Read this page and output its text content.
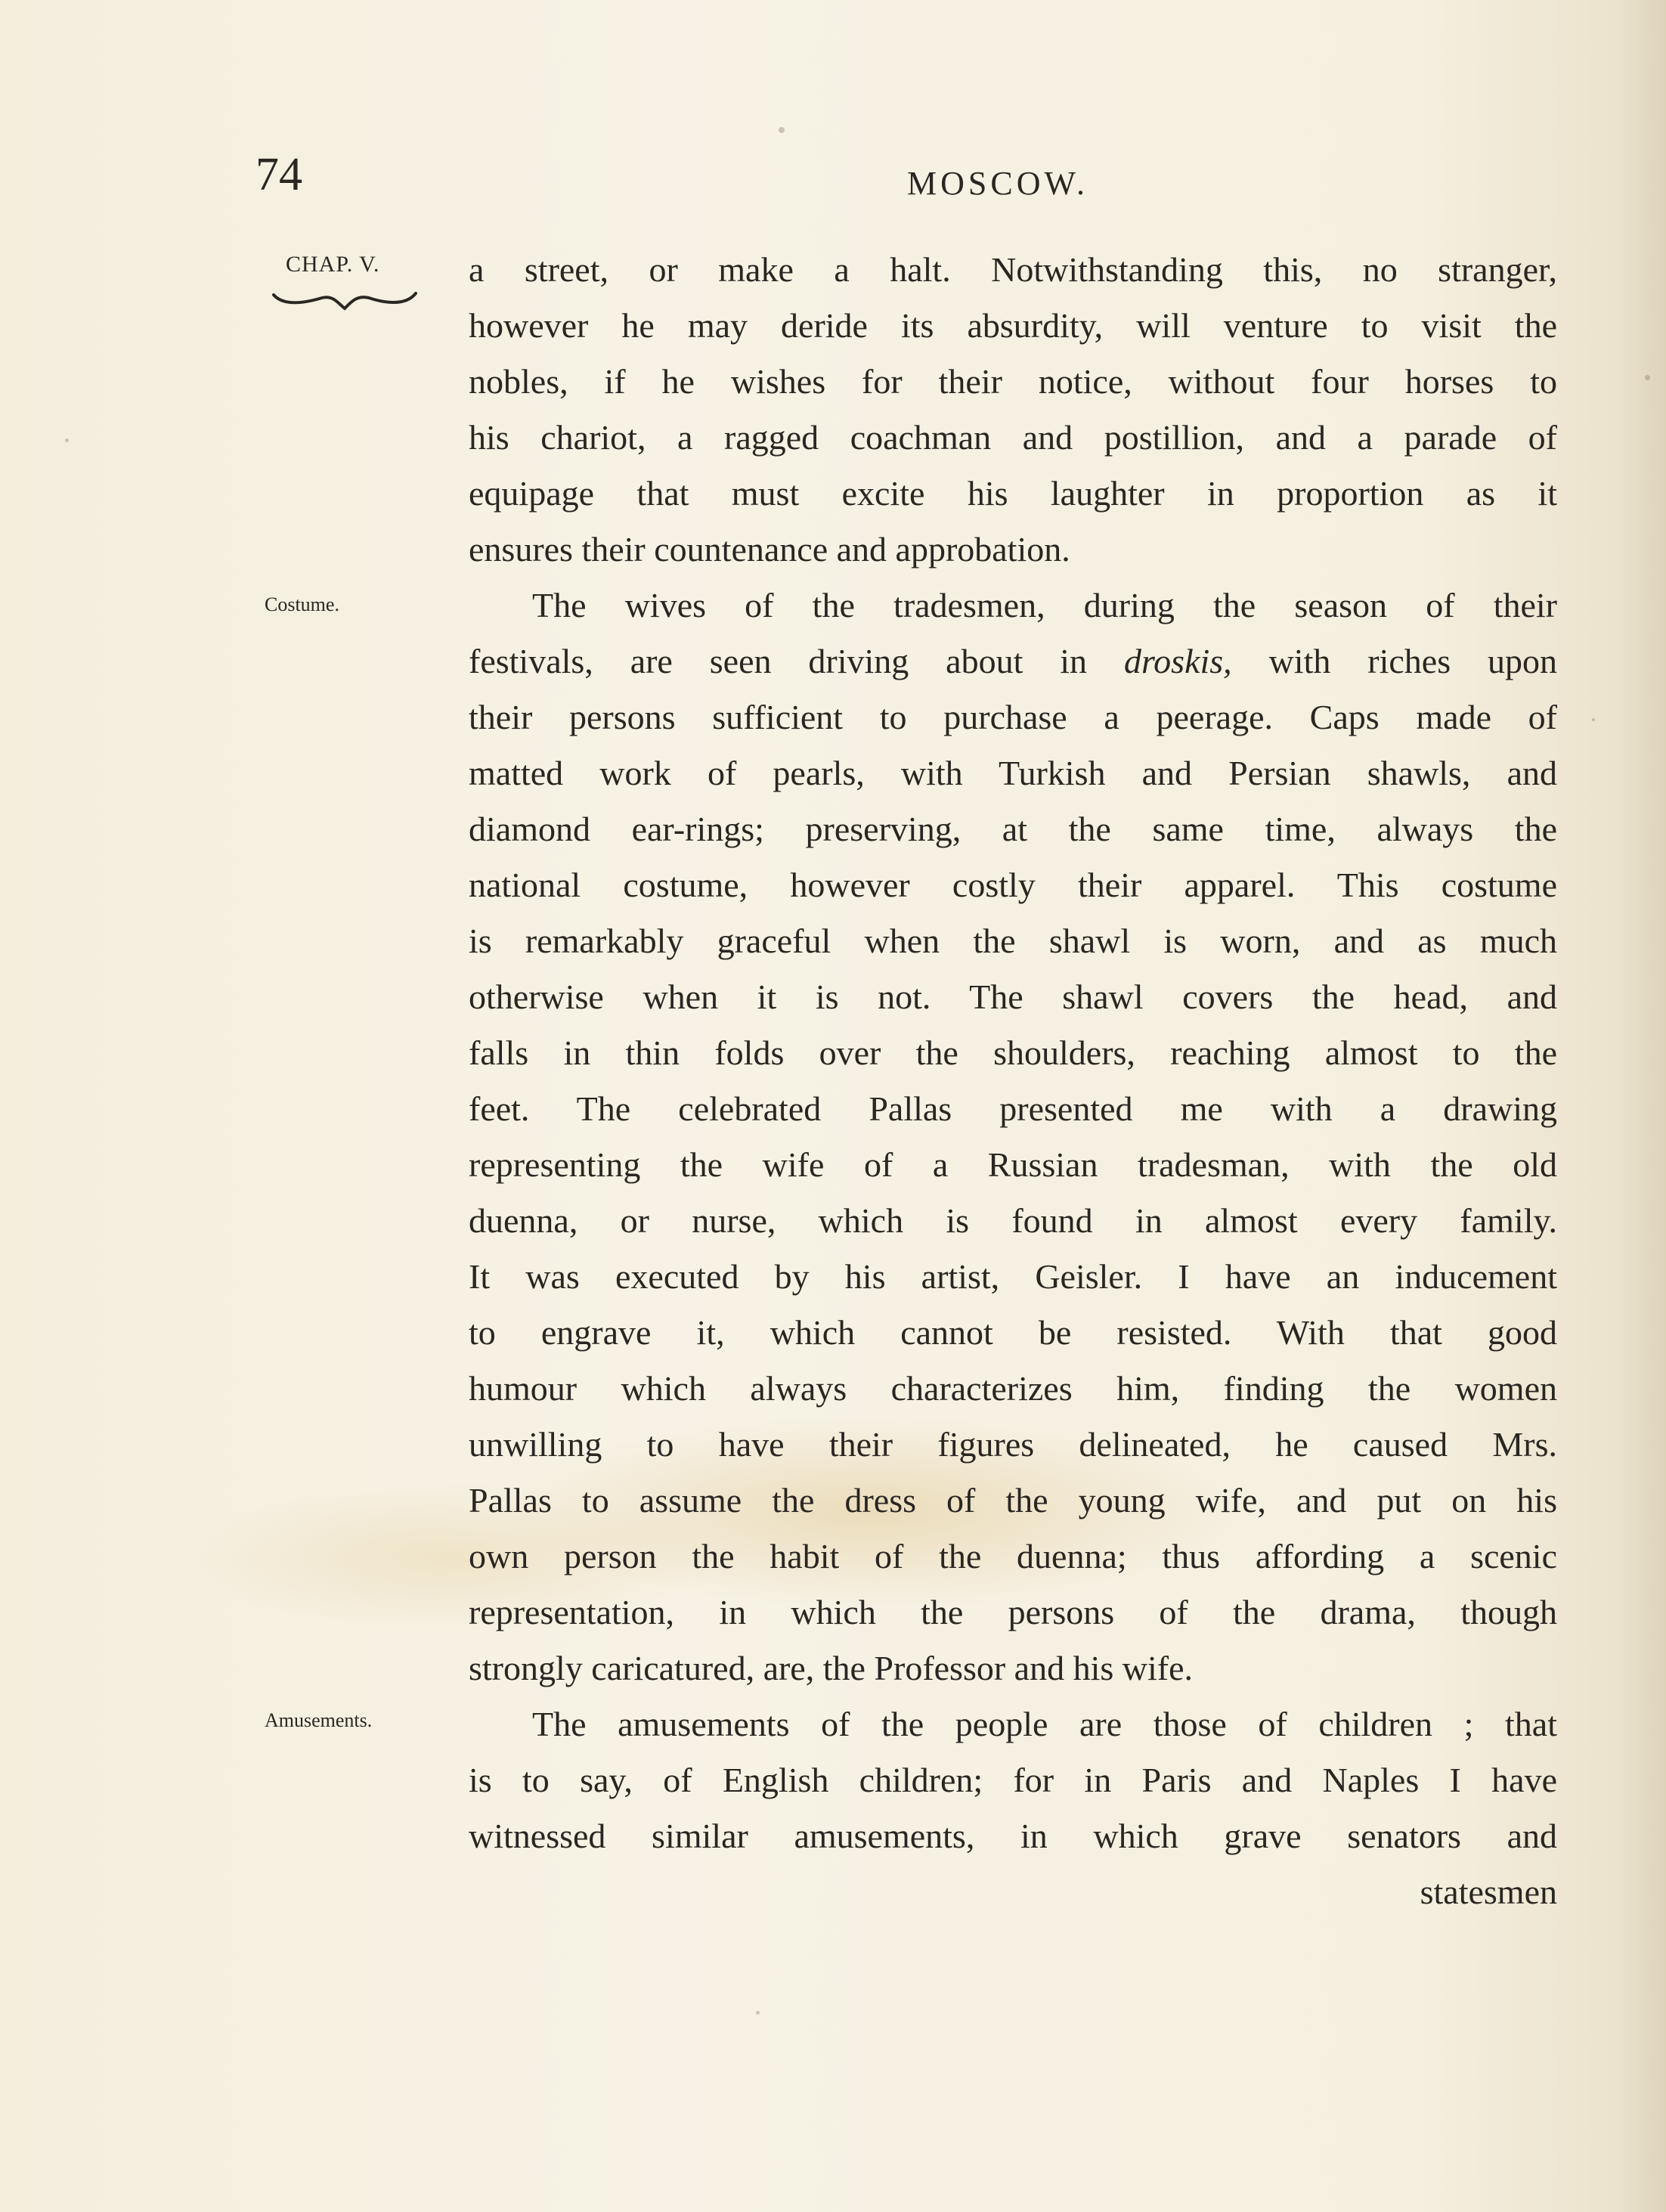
74	MOSCOW.
CHAP. V.
Costume.
Amusements.
a street, or make a halt. Notwithstanding this, no stranger,
however he may deride its absurdity, will venture to visit the
nobles, if he wishes for their notice, without four horses to
his chariot, a ragged coachman and postillion, and a parade of
equipage that must excite his laughter in proportion as it
ensures their countenance and approbation.
The wives of the tradesmen, during the season of their
festivals, are seen driving about in droskis, with riches upon
their persons sufficient to purchase a peerage. Caps made of
matted work of pearls, with Turkish and Persian shawls, and
diamond ear-rings; preserving, at the same time, always the
national costume, however costly their apparel. This costume
is remarkably graceful when the shawl is worn, and as much
otherwise when it is not. The shawl covers the head, and
falls in thin folds over the shoulders, reaching almost to the
feet. The celebrated Pallas presented me with a drawing
representing the wife of a Russian tradesman, with the old
duenna, or nurse, which is found in almost every family.
It was executed by his artist, Geisler. I have an inducement
to engrave it, which cannot be resisted. With that good
humour which always characterizes him, finding the women
unwilling to have their figures delineated, he caused Mrs.
Pallas to assume the dress of the young wife, and put on his
own person the habit of the duenna; thus affording a scenic
representation, in which the persons of the drama, though
strongly caricatured, are, the Professor and his wife.
The amusements of the people are those of children ; that
is to say, of English children; for in Paris and Naples I have
witnessed similar amusements, in which grave senators and
statesmen
